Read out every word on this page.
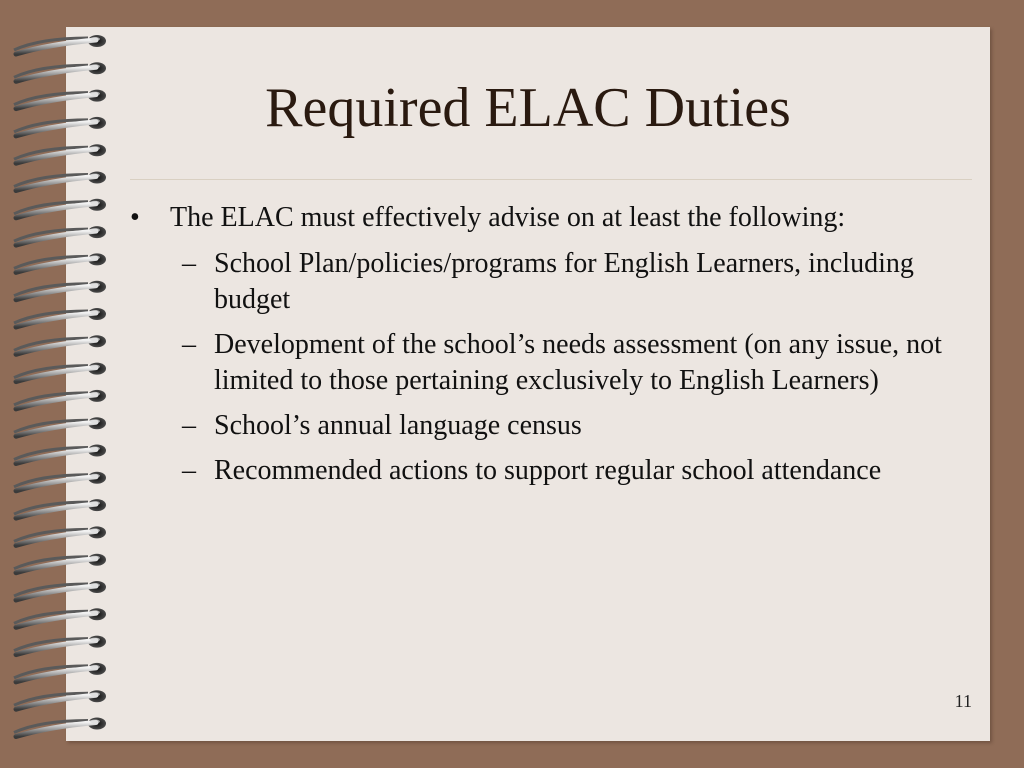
Required ELAC Duties
•	The ELAC must effectively advise on at least the following:
– School Plan/policies/programs for English Learners, including budget
– Development of the school’s needs assessment (on any issue, not limited to those pertaining exclusively to English Learners)
– School’s annual language census
– Recommended actions to support regular school attendance
11
